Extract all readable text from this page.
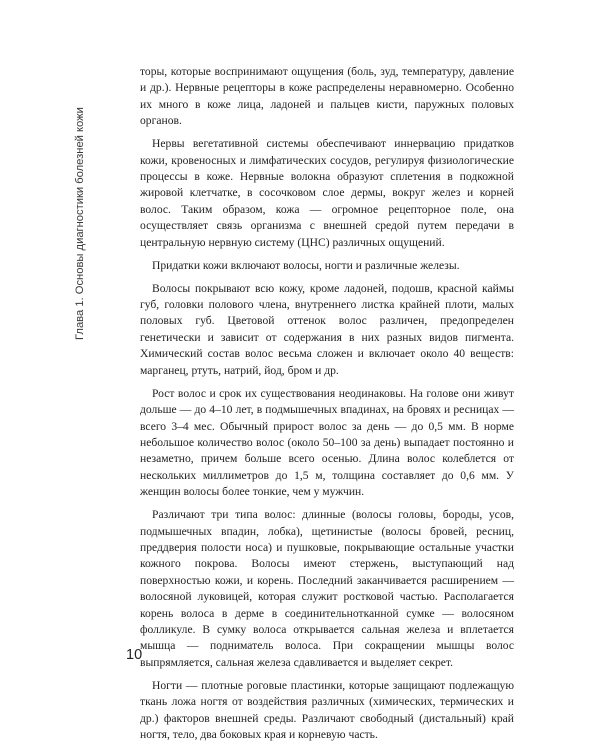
Глава 1. Основы диагностики болезней кожи

торы, которые воспринимают ощущения (боль, зуд, температуру, давление и др.). Нервные рецепторы в коже распределены неравномерно. Особенно их много в коже лица, ладоней и пальцев кисти, паружных половых органов.

Нервы вегетативной системы обеспечивают иннервацию придатков кожи, кровеносных и лимфатических сосудов, регулируя физиологические процессы в коже. Нервные волокна образуют сплетения в подкожной жировой клетчатке, в сосочковом слое дермы, вокруг желез и корней волос. Таким образом, кожа — огромное рецепторное поле, она осуществляет связь организма с внешней средой путем передачи в центральную нервную систему (ЦНС) различных ощущений.

Придатки кожи включают волосы, ногти и различные железы.

Волосы покрывают всю кожу, кроме ладоней, подошв, красной каймы губ, головки полового члена, внутреннего листка крайней плоти, малых половых губ. Цветовой оттенок волос различен, предопределен генетически и зависит от содержания в них разных видов пигмента. Химический состав волос весьма сложен и включает около 40 веществ: марганец, ртуть, натрий, йод, бром и др.

Рост волос и срок их существования неодинаковы. На голове они живут дольше — до 4–10 лет, в подмышечных впадинах, на бровях и ресницах — всего 3–4 мес. Обычный прирост волос за день — до 0,5 мм. В норме небольшое количество волос (около 50–100 за день) выпадает постоянно и незаметно, причем больше всего осенью. Длина волос колеблется от нескольких миллиметров до 1,5 м, толщина составляет до 0,6 мм. У женщин волосы более тонкие, чем у мужчин.

Различают три типа волос: длинные (волосы головы, бороды, усов, подмышечных впадин, лобка), щетинистые (волосы бровей, ресниц, преддверия полости носа) и пушковые, покрывающие остальные участки кожного покрова. Волосы имеют стержень, выступающий над поверхностью кожи, и корень. Последний заканчивается расширением — волосяной луковицей, которая служит ростковой частью. Располагается корень волоса в дерме в соединительнотканной сумке — волосяном фолликуле. В сумку волоса открывается сальная железа и вплетается мышца — подниматель волоса. При сокращении мышцы волос выпрямляется, сальная железа сдавливается и выделяет секрет.

Ногти — плотные роговые пластинки, которые защищают подлежащую ткань ложа ногтя от воздействия различных (химических, термических и др.) факторов внешней среды. Различают свободный (дистальный) край ногтя, тело, два боковых края и корневую часть.

10
